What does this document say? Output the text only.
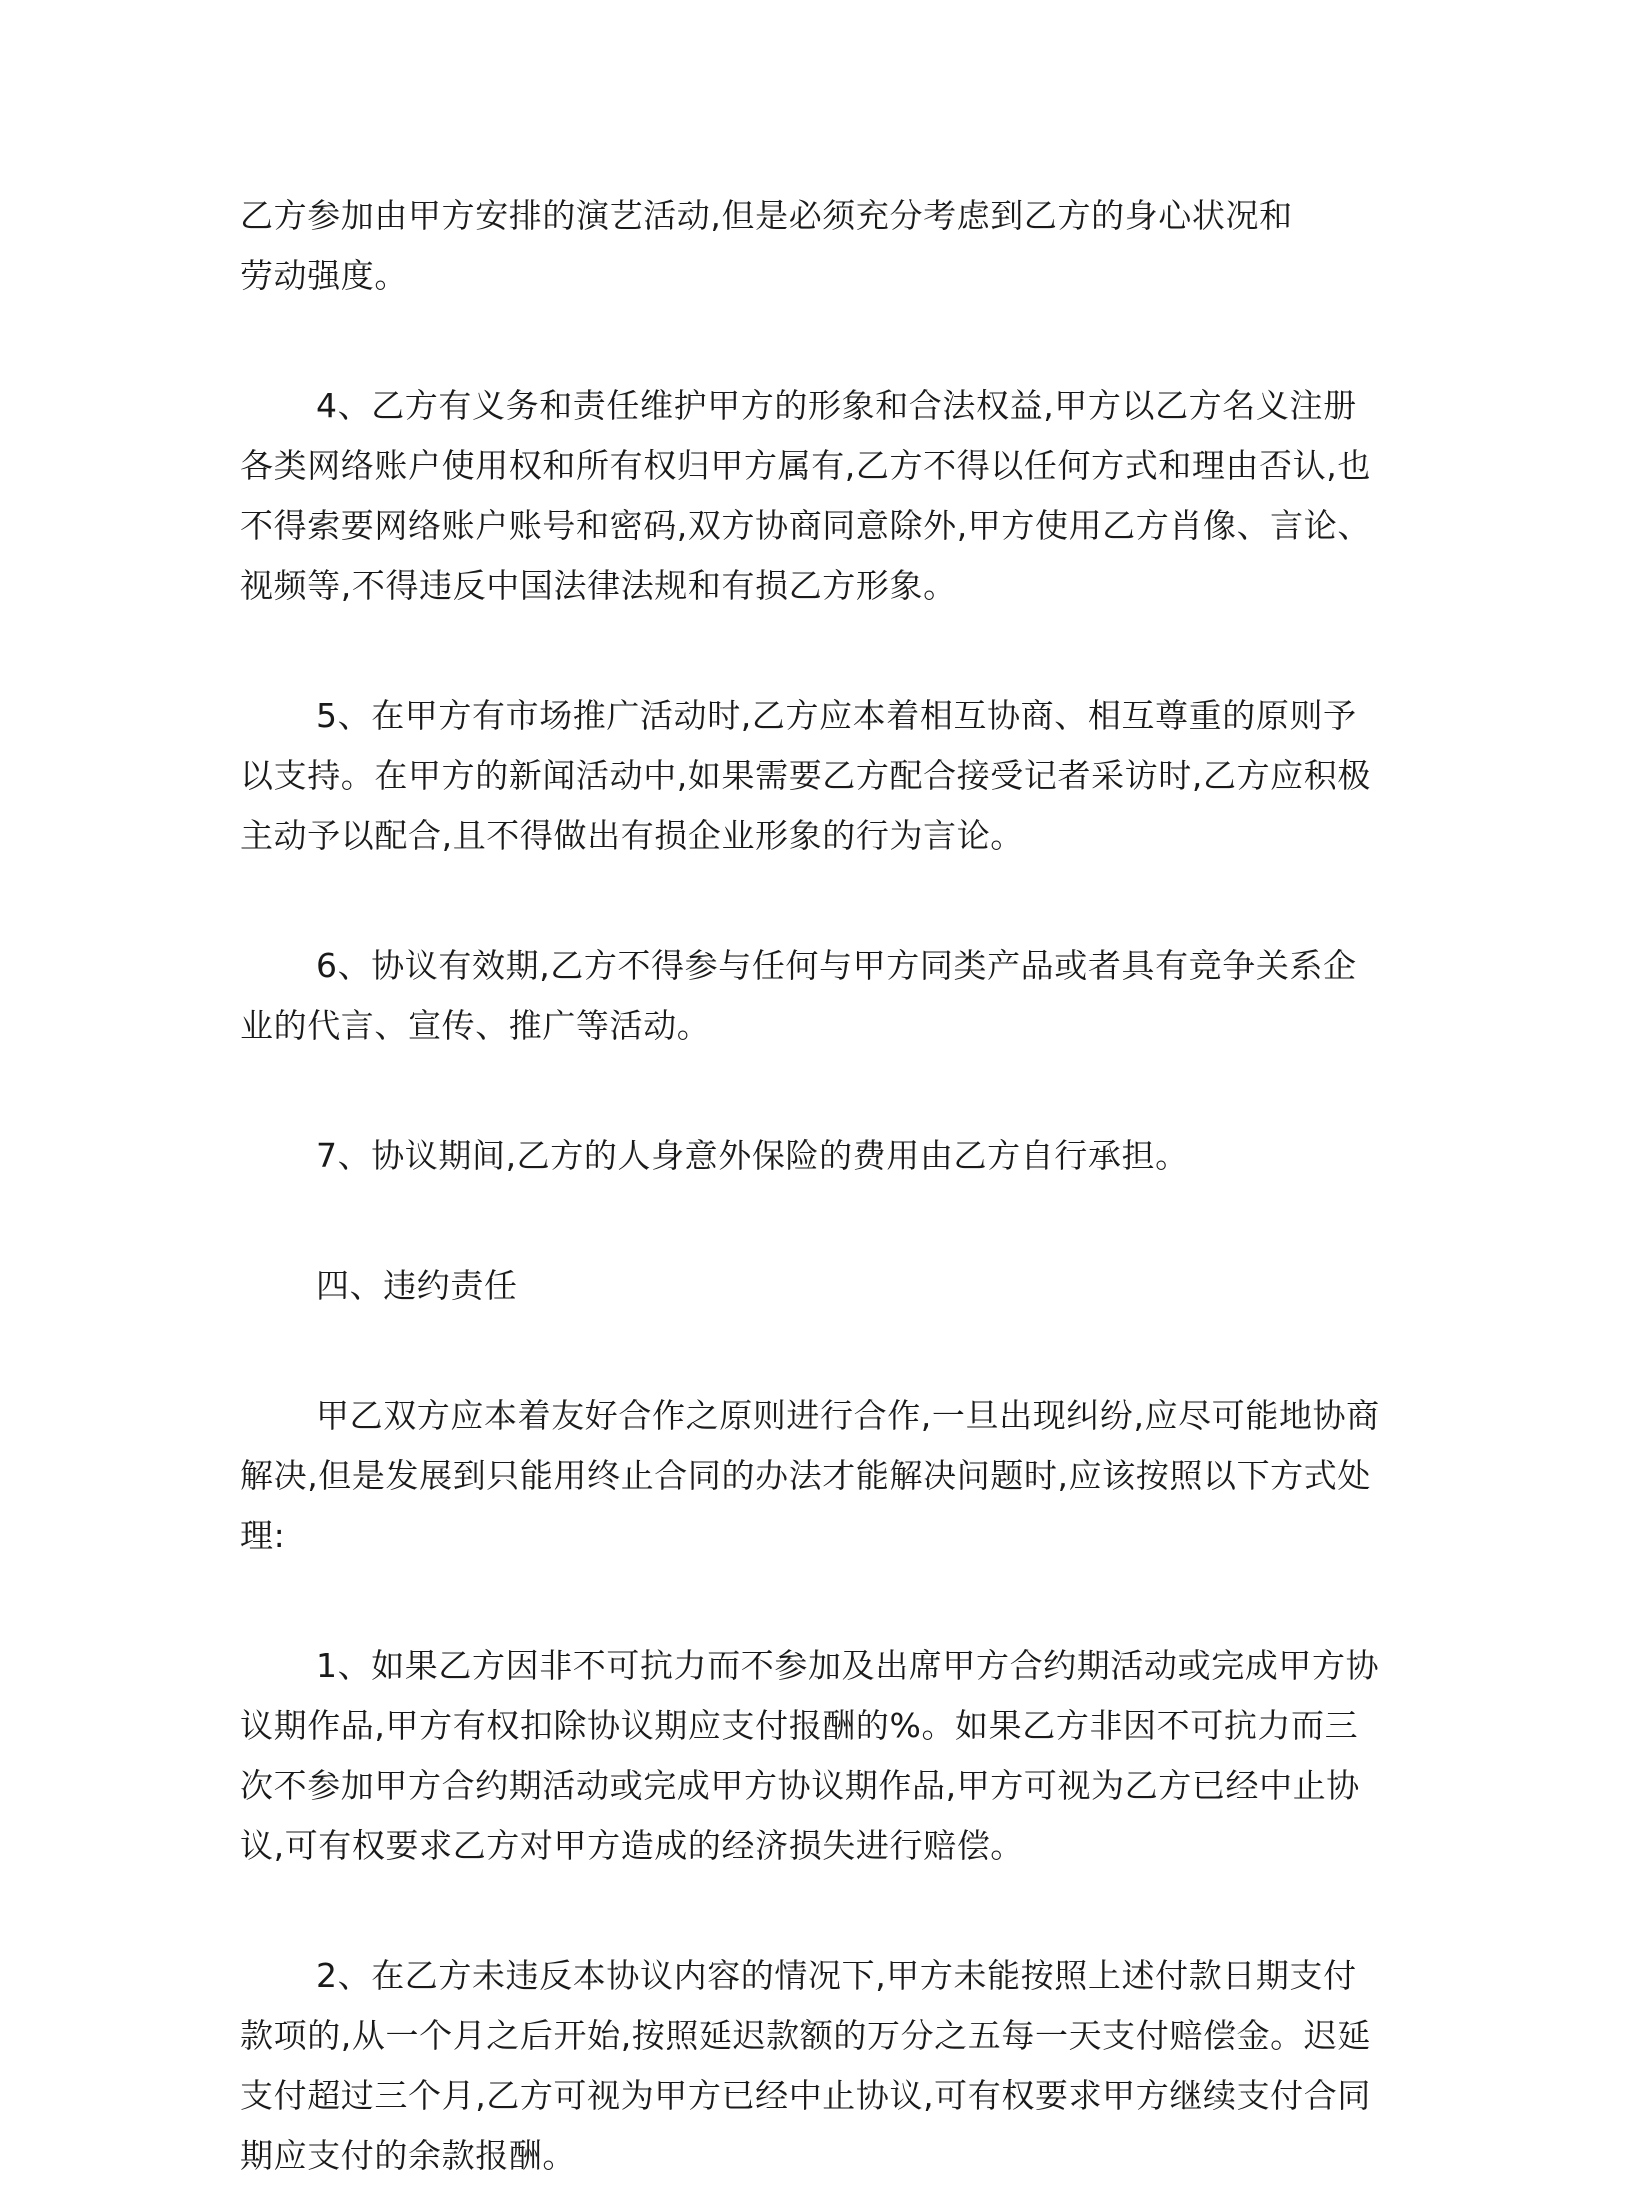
乙方参加由甲方安排的演艺活动,但是必须充分考虑到乙方的身心状况和劳动强度。

4、乙方有义务和责任维护甲方的形象和合法权益,甲方以乙方名义注册各类网络账户使用权和所有权归甲方属有,乙方不得以任何方式和理由否认,也不得索要网络账户账号和密码,双方协商同意除外,甲方使用乙方肖像、言论、视频等,不得违反中国法律法规和有损乙方形象。

5、在甲方有市场推广活动时,乙方应本着相互协商、相互尊重的原则予以支持。在甲方的新闻活动中,如果需要乙方配合接受记者采访时,乙方应积极主动予以配合,且不得做出有损企业形象的行为言论。

6、协议有效期,乙方不得参与任何与甲方同类产品或者具有竞争关系企业的代言、宣传、推广等活动。

7、协议期间,乙方的人身意外保险的费用由乙方自行承担。

四、违约责任

甲乙双方应本着友好合作之原则进行合作,一旦出现纠纷,应尽可能地协商解决,但是发展到只能用终止合同的办法才能解决问题时,应该按照以下方式处理:

1、如果乙方因非不可抗力而不参加及出席甲方合约期活动或完成甲方协议期作品,甲方有权扣除协议期应支付报酬的%。如果乙方非因不可抗力而三次不参加甲方合约期活动或完成甲方协议期作品,甲方可视为乙方已经中止协议,可有权要求乙方对甲方造成的经济损失进行赔偿。

2、在乙方未违反本协议内容的情况下,甲方未能按照上述付款日期支付款项的,从一个月之后开始,按照延迟款额的万分之五每一天支付赔偿金。迟延支付超过三个月,乙方可视为甲方已经中止协议,可有权要求甲方继续支付合同期应支付的余款报酬。
